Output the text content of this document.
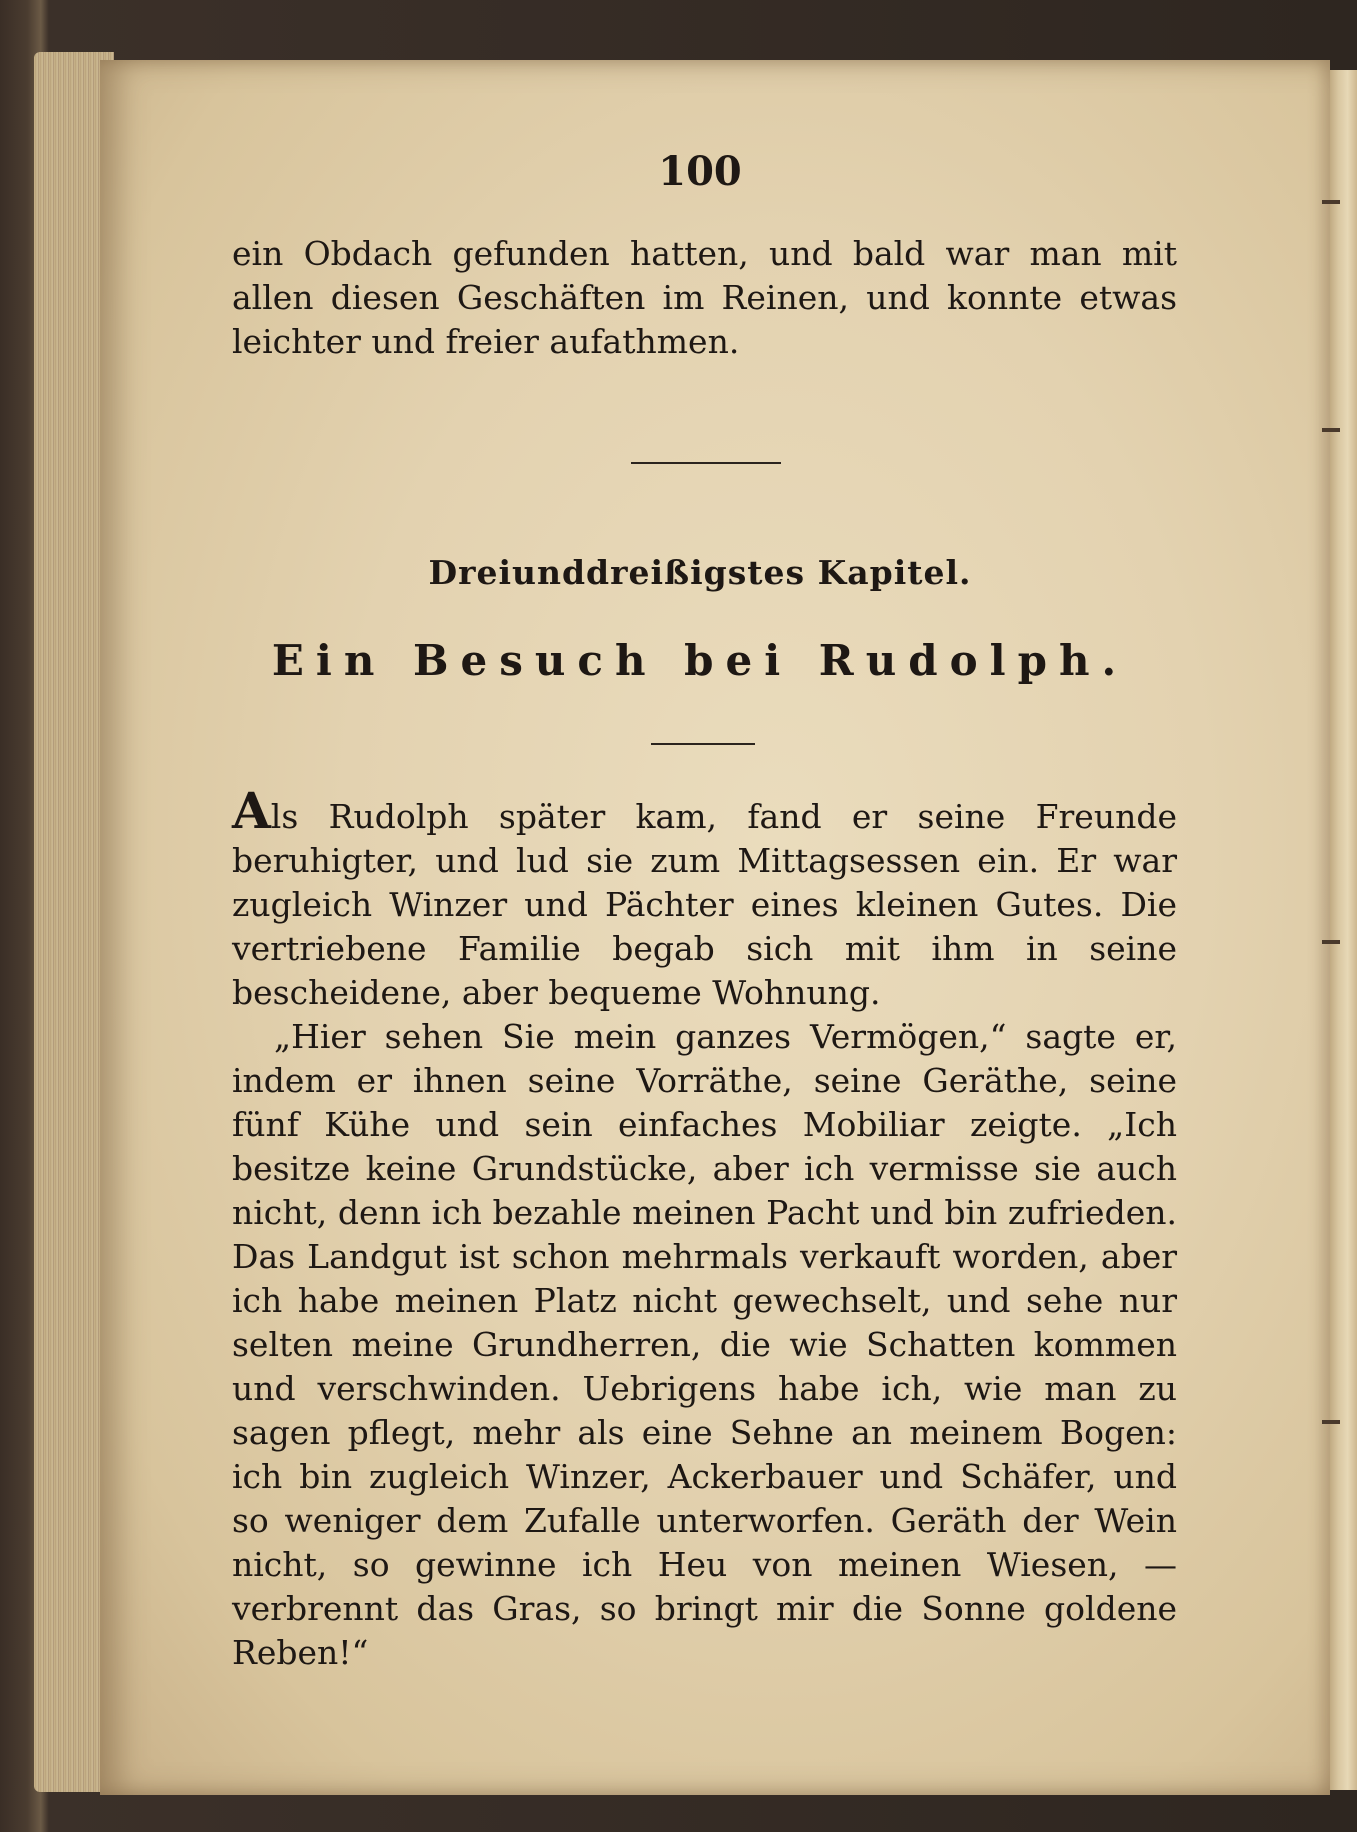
100

ein Obdach gefunden hatten, und bald war man mit allen diesen Geschäften im Reinen, und konnte etwas leichter und freier aufathmen.

Dreiunddreißigstes Kapitel.
Ein Besuch bei Rudolph.

Als Rudolph später kam, fand er seine Freunde beruhigter, und lud sie zum Mittagsessen ein. Er war zugleich Winzer und Pächter eines kleinen Gutes. Die vertriebene Familie begab sich mit ihm in seine bescheidene, aber bequeme Wohnung.

„Hier sehen Sie mein ganzes Vermögen,“ sagte er, indem er ihnen seine Vorräthe, seine Geräthe, seine fünf Kühe und sein einfaches Mobiliar zeigte. „Ich besitze keine Grundstücke, aber ich vermisse sie auch nicht, denn ich bezahle meinen Pacht und bin zufrieden. Das Landgut ist schon mehrmals verkauft worden, aber ich habe meinen Platz nicht gewechselt, und sehe nur selten meine Grundherren, die wie Schatten kommen und verschwinden. Uebrigens habe ich, wie man zu sagen pflegt, mehr als eine Sehne an meinem Bogen: ich bin zugleich Winzer, Ackerbauer und Schäfer, und so weniger dem Zufalle unterworfen. Geräth der Wein nicht, so gewinne ich Heu von meinen Wiesen, — verbrennt das Gras, so bringt mir die Sonne goldene Reben!“
